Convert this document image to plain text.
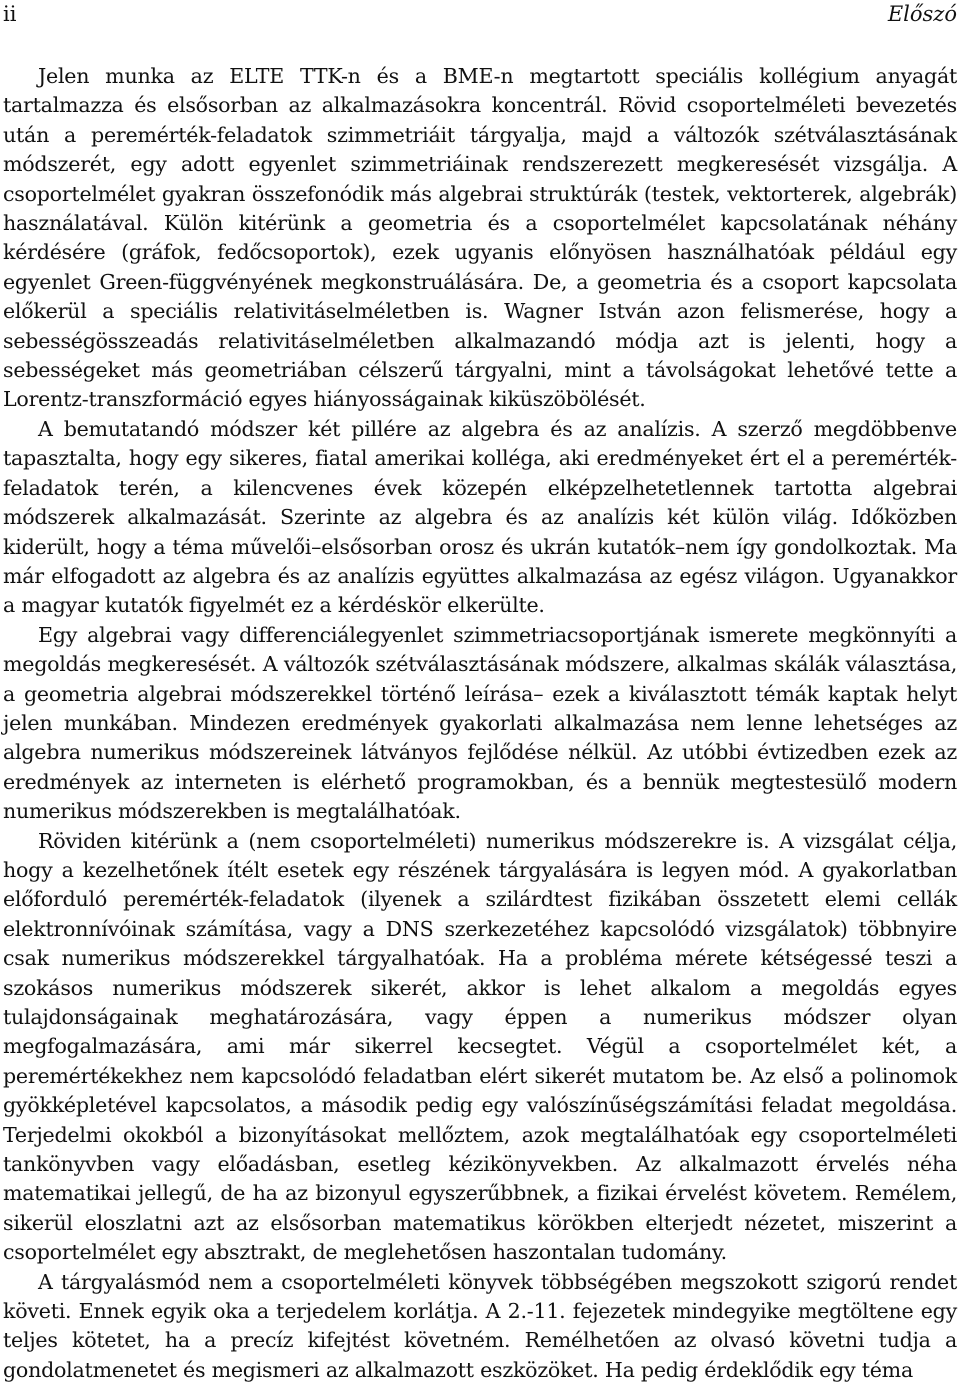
ii	Előszó

Jelen munka az ELTE TTK-n és a BME-n megtartott speciális kollégium anyagát tartalmazza és elsősorban az alkalmazásokra koncentrál. Rövid csoportelméleti bevezetés után a peremérték-feladatok szimmetriáit tárgyalja, majd a változók szétválasztásának módszerét, egy adott egyenlet szimmetriáinak rendszerezett megkeresését vizsgálja. A csoportelmélet gyakran összefonódik más algebrai struktúrák (testek, vektorterek, algebrák) használatával. Külön kitérünk a geometria és a csoportelmélet kapcsolatának néhány kérdésére (gráfok, fedőcsoportok), ezek ugyanis előnyösen használhatóak például egy egyenlet Green-függvényének megkonstruálására. De, a geometria és a csoport kapcsolata előkerül a speciális relativitáselméletben is. Wagner István azon felismerése, hogy a sebességösszeadás relativitáselméletben alkalmazandó módja azt is jelenti, hogy a sebességeket más geometriában célszerű tárgyalni, mint a távolságokat lehetővé tette a Lorentz-transzformáció egyes hiányosságainak kiküszöbölését.

A bemutatandó módszer két pillére az algebra és az analízis. A szerző megdöbbenve tapasztalta, hogy egy sikeres, fiatal amerikai kolléga, aki eredményeket ért el a peremérték-feladatok terén, a kilencvenes évek közepén elképzelhetetlennek tartotta algebrai módszerek alkalmazását. Szerinte az algebra és az analízis két külön világ. Időközben kiderült, hogy a téma művelői–elsősorban orosz és ukrán kutatók–nem így gondolkoztak. Ma már elfogadott az algebra és az analízis együttes alkalmazása az egész világon. Ugyanakkor a magyar kutatók figyelmét ez a kérdéskör elkerülte.

Egy algebrai vagy differenciálegyenlet szimmetriacsoportjának ismerete megkönnyíti a megoldás megkeresését. A változók szétválasztásának módszere, alkalmas skálák választása, a geometria algebrai módszerekkel történő leírása– ezek a kiválasztott témák kaptak helyt jelen munkában. Mindezen eredmények gyakorlati alkalmazása nem lenne lehetséges az algebra numerikus módszereinek látványos fejlődése nélkül. Az utóbbi évtizedben ezek az eredmények az interneten is elérhető programokban, és a bennük megtestesülő modern numerikus módszerekben is megtalálhatóak.

Röviden kitérünk a (nem csoportelméleti) numerikus módszerekre is. A vizsgálat célja, hogy a kezelhetőnek ítélt esetek egy részének tárgyalására is legyen mód. A gyakorlatban előforduló peremérték-feladatok (ilyenek a szilárdtest fizikában összetett elemi cellák elektronnívóinak számítása, vagy a DNS szerkezetéhez kapcsolódó vizsgálatok) többnyire csak numerikus módszerekkel tárgyalhatóak. Ha a probléma mérete kétségessé teszi a szokásos numerikus módszerek sikerét, akkor is lehet alkalom a megoldás egyes tulajdonságainak meghatározására, vagy éppen a numerikus módszer olyan megfogalmazására, ami már sikerrel kecsegtet. Végül a csoportelmélet két, a peremértékekhez nem kapcsolódó feladatban elért sikerét mutatom be. Az első a polinomok gyökképletével kapcsolatos, a második pedig egy valószínűségszámítási feladat megoldása. Terjedelmi okokból a bizonyításokat mellőztem, azok megtalálhatóak egy csoportelméleti tankönyvben vagy előadásban, esetleg kézikönyvekben. Az alkalmazott érvelés néha matematikai jellegű, de ha az bizonyul egyszerűbbnek, a fizikai érvelést követem. Remélem, sikerül eloszlatni azt az elsősorban matematikus körökben elterjedt nézetet, miszerint a csoportelmélet egy absztrakt, de meglehetősen haszontalan tudomány.

A tárgyalásmód nem a csoportelméleti könyvek többségében megszokott szigorú rendet követi. Ennek egyik oka a terjedelem korlátja. A 2.-11. fejezetek mindegyike megtöltene egy teljes kötetet, ha a precíz kifejtést követném. Remélhetően az olvasó követni tudja a gondolatmenetet és megismeri az alkalmazott eszközöket. Ha pedig érdeklődik egy téma
